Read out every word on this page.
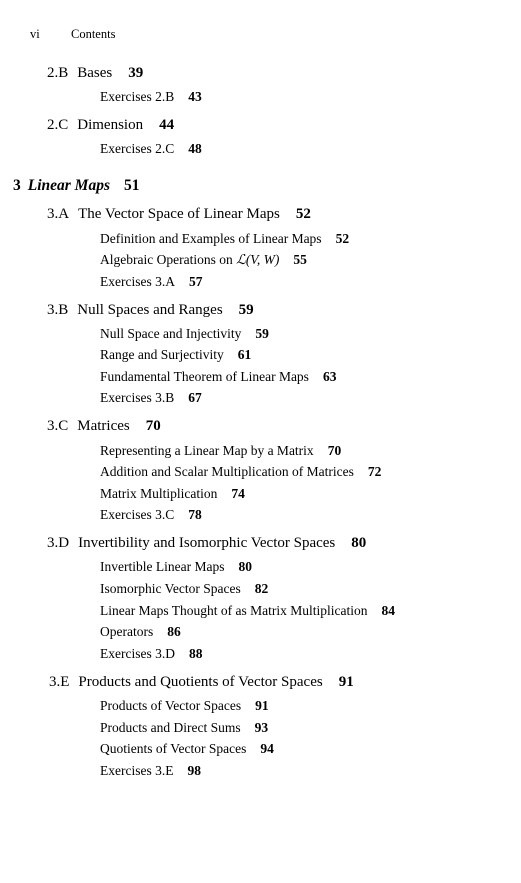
vi	Contents
2.B Bases 39
Exercises 2.B 43
2.C Dimension 44
Exercises 2.C 48
3 Linear Maps 51
3.A The Vector Space of Linear Maps 52
Definition and Examples of Linear Maps 52
Algebraic Operations on ℒ(V, W) 55
Exercises 3.A 57
3.B Null Spaces and Ranges 59
Null Space and Injectivity 59
Range and Surjectivity 61
Fundamental Theorem of Linear Maps 63
Exercises 3.B 67
3.C Matrices 70
Representing a Linear Map by a Matrix 70
Addition and Scalar Multiplication of Matrices 72
Matrix Multiplication 74
Exercises 3.C 78
3.D Invertibility and Isomorphic Vector Spaces 80
Invertible Linear Maps 80
Isomorphic Vector Spaces 82
Linear Maps Thought of as Matrix Multiplication 84
Operators 86
Exercises 3.D 88
3.E Products and Quotients of Vector Spaces 91
Products of Vector Spaces 91
Products and Direct Sums 93
Quotients of Vector Spaces 94
Exercises 3.E 98
